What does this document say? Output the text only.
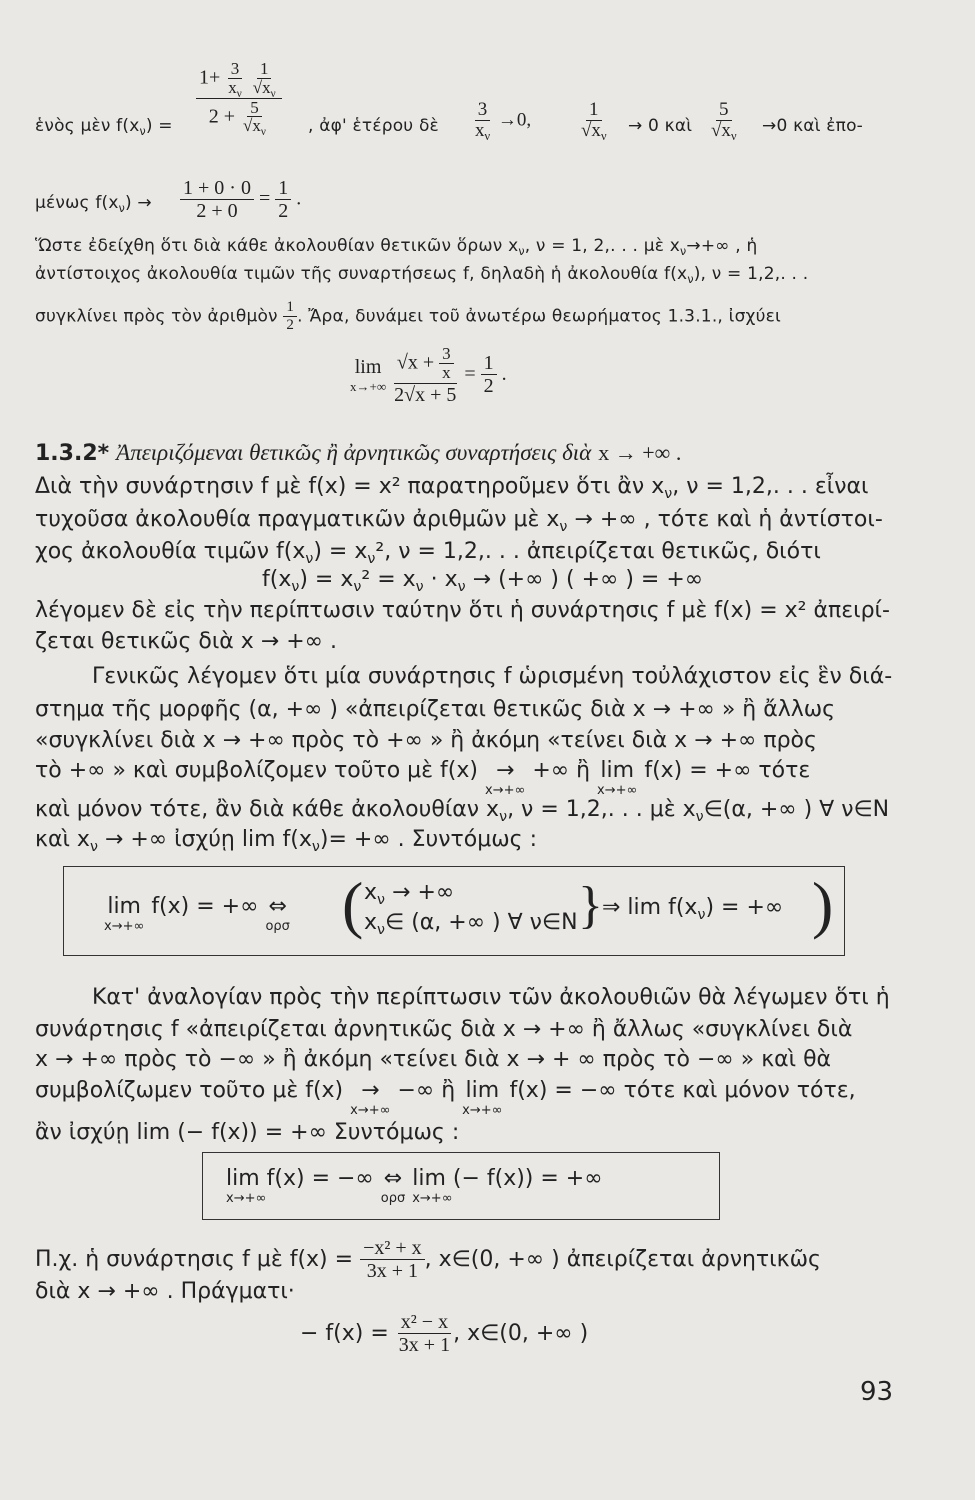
ἑνὸς μὲν $f(x_\nu) = 1+ \frac{3}{x_\nu}$
$\frac{1}{√x_\nu}$
$2 + \frac{5}{√x_\nu}$ , ἀφ' ἑτέρου δὲ $\frac{3}{x_\nu} \to 0$, $\frac{1}{√x_\nu} \to 0$ καὶ $\frac{5}{√x_\nu} \to 0$ καὶ ἐπο-
μένως $f(x_\nu) \to \frac{1 + 0 \cdot 0}{2 + 0} = \frac{1}{2}$ .
Ὥστε ἐδείχθη ὅτι διὰ κάθε ἀκολουθίαν θετικῶν ὅρων $x_\nu$, ν = 1, 2,. . . μὲ $x_\nu\to+\infty$ , ἡ
ἀντίστοιχος ἀκολουθία τιμῶν τῆς συναρτήσεως f, δηλαδὴ ἡ ἀκολουθία $f(x_\nu)$, ν = 1,2,. . .
συγκλίνει πρὸς τὸν ἀριθμὸν $\frac{1}{2}$ . Ἄρα, δυνάμει τοῦ ἀνωτέρω θεωρήματος 1.3.1., ἰσχύει
lim
x→+∞
$\frac{√x + \frac{3}{x}}{2√x + 5} = \frac{1}{2}$ .
1.3.2* Ἀπειριζόμεναι θετικῶς ἢ ἀρνητικῶς συναρτήσεις διὰ x → +∞ .
Διὰ τὴν συνάρτησιν f μὲ f(x) = x² παρατηροῦμεν ὅτι ἂν $x_\nu$, ν = 1,2,. . . εἶναι
τυχοῦσα ἀκολουθία πραγματικῶν ἀριθμῶν μὲ $x_\nu$ → +∞ , τότε καὶ ἡ ἀντίστοι-
χος ἀκολουθία τιμῶν $f(x_\nu) = x_\nu^2$, ν = 1,2,. . . ἀπειρίζεται θετικῶς, διότι
$f(x_\nu) = x_\nu^2 = x_\nu \cdot x_\nu$ → (+∞ ) ( +∞ ) = +∞
λέγομεν δὲ εἰς τὴν περίπτωσιν ταύτην ὅτι ἡ συνάρτησις f μὲ f(x) = x² ἀπειρί-
ζεται θετικῶς διὰ x → +∞ .
Γενικῶς λέγομεν ὅτι μία συνάρτησις f ὡρισμένη τοὐλάχιστον εἰς ἓν διά-
στημα τῆς μορφῆς (α, +∞ ) «ἀπειρίζεται θετικῶς διὰ x → +∞ » ἢ ἄλλως
«συγκλίνει διὰ x → +∞ πρὸς τὸ +∞ » ἢ ἀκόμη «τείνει διὰ x → +∞ πρὸς
τὸ +∞ » καὶ συμβολίζομεν τοῦτο μὲ f(x) →
x→+∞
+∞ ἢ lim
x→+∞
f(x) = +∞ τότε
καὶ μόνον τότε, ἂν διὰ κάθε ἀκολουθίαν $x_\nu$, ν = 1,2,. . . μὲ $x_\nu\in(\alpha$, +∞ ) ∀ ν∈N
καὶ $x_\nu$ → +∞ ἰσχύῃ $\lim f(x_\nu)=$ +∞ . Συντόμως :
lim
x→+∞
f(x) = +∞ ⇔
ορσ ( $x_\nu$ → +∞
$x_\nu\in$ (α, +∞ ) ∀ ν∈N } ⇒ $\lim f(x_\nu)$ = +∞ )
Κατ' ἀναλογίαν πρὸς τὴν περίπτωσιν τῶν ἀκολουθιῶν θὰ λέγωμεν ὅτι ἡ
συνάρτησις f «ἀπειρίζεται ἀρνητικῶς διὰ x → +∞ ἢ ἄλλως «συγκλίνει διὰ
x → +∞ πρὸς τὸ −∞ » ἢ ἀκόμη «τείνει διὰ x → + ∞ πρὸς τὸ −∞ » καὶ θὰ
συμβολίζωμεν τοῦτο μὲ f(x) →
x→+∞
−∞ ἢ lim
x→+∞
f(x) = −∞ τότε καὶ μόνον τότε,
ἂν ἰσχύῃ lim (− f(x)) = +∞ Συντόμως :
lim f(x) = −∞
x→+∞

⇔
ορσ

lim (− f(x)) = +∞
x→+∞
Π.χ. ἡ συνάρτησις f μὲ $f(x) = \frac{\text{−x² + x}}{3x + 1}$ , x∈(0, +∞ ) ἀπειρίζεται ἀρνητικῶς
διὰ x → +∞ . Πράγματι·
− $f(x) = \frac{\text{x² − x}}{3x + 1}$ , x∈(0, +∞ )
93
